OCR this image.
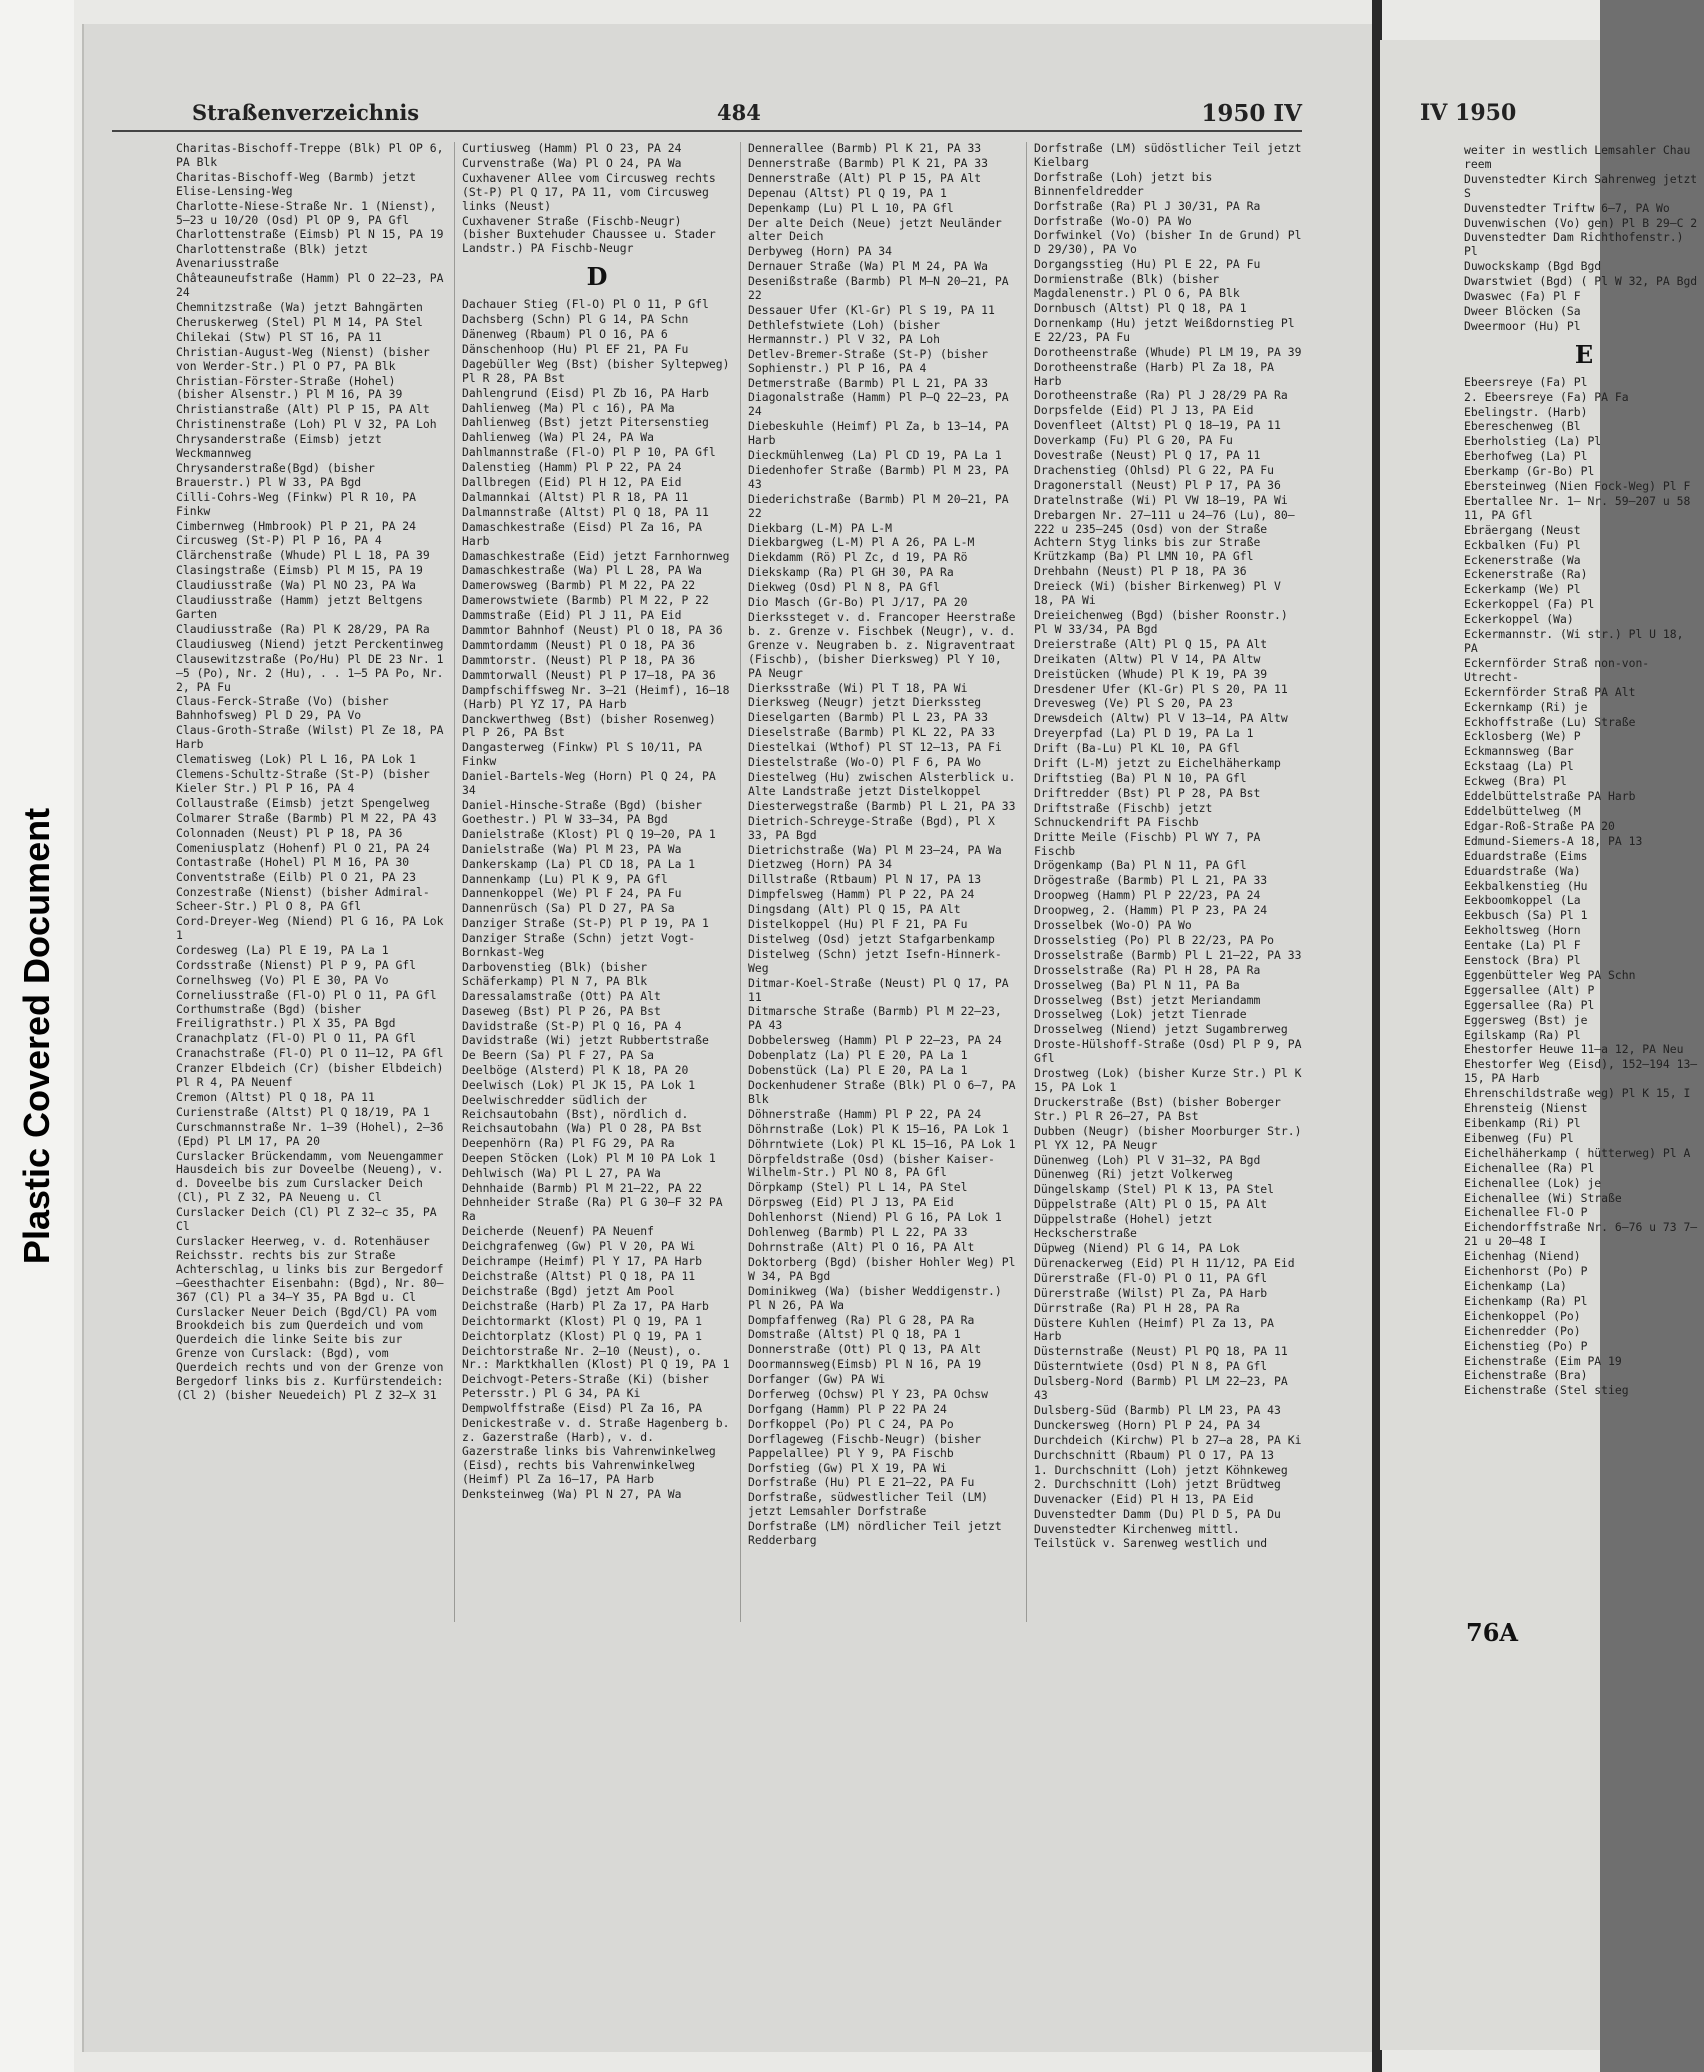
Plastic Covered Document
IV 1950
weiter in westlich Lemsahler Chau reem
Duvenstedter Kirch Sahrenweg jetzt S
Duvenstedter Triftw 6—7, PA Wo
Duvenwischen (Vo) gen) Pl B 29—C 2
Duvenstedter Dam Richthofenstr.) Pl
Duwockskamp (Bgd Bgd
Dwarstwiet (Bgd) ( Pl W 32, PA Bgd
Dwaswec (Fa) Pl F
Dweer Blöcken (Sa
Dweermoor (Hu) Pl
E
Ebeersreye (Fa) Pl
2. Ebeersreye (Fa) PA Fa
Ebelingstr. (Harb)
Ebereschenweg (Bl
Eberholstieg (La) Pl
Eberhofweg (La) Pl
Eberkamp (Gr-Bo) Pl
Ebersteinweg (Nien Fock-Weg) Pl F
Ebertallee Nr. 1— Nr. 59—207 u 58 11, PA Gfl
Ebräergang (Neust
Eckbalken (Fu) Pl
Eckenerstraße (Wa
Eckenerstraße (Ra)
Eckerkamp (We) Pl
Eckerkoppel (Fa) Pl
Eckerkoppel (Wa)
Eckermannstr. (Wi str.) Pl U 18, PA
Eckernförder Straß non-von-Utrecht-
Eckernförder Straß PA Alt
Eckernkamp (Ri) je
Eckhoffstraße (Lu) Straße
Ecklosberg (We) P
Eckmannsweg (Bar
Eckstaag (La) Pl
Eckweg (Bra) Pl
Eddelbüttelstraße PA Harb
Eddelbüttelweg (M
Edgar-Roß-Straße PA 20
Edmund-Siemers-A 18, PA 13
Eduardstraße (Eims
Eduardstraße (Wa)
Eekbalkenstieg (Hu
Eekboomkoppel (La
Eekbusch (Sa) Pl 1
Eekholtsweg (Horn
Eentake (La) Pl F
Eenstock (Bra) Pl
Eggenbütteler Weg PA Schn
Eggersallee (Alt) P
Eggersallee (Ra) Pl
Eggersweg (Bst) je
Egilskamp (Ra) Pl
Ehestorfer Heuwe 11—a 12, PA Neu
Ehestorfer Weg (Eisd), 152—194 13—15, PA Harb
Ehrenschildstraße weg) Pl K 15, I
Ehrensteig (Nienst
Eibenkamp (Ri) Pl
Eibenweg (Fu) Pl
Eichelhäherkamp ( hütterweg) Pl A
Eichenallee (Ra) Pl
Eichenallee (Lok) je
Eichenallee (Wi) Straße
Eichenallee Fl-O P
Eichendorffstraße Nr. 6—76 u 73 7—21 u 20—48 I
Eichenhag (Niend)
Eichenhorst (Po) P
Eichenkamp (La)
Eichenkamp (Ra) Pl
Eichenkoppel (Po)
Eichenredder (Po)
Eichenstieg (Po) P
Eichenstraße (Eim PA 19
Eichenstraße (Bra)
Eichenstraße (Stel stieg
76A
Straßenverzeichnis	484	1950 IV
Charitas-Bischoff-Treppe (Blk) Pl OP 6, PA Blk
Charitas-Bischoff-Weg (Barmb) jetzt Elise-Lensing-Weg
Charlotte-Niese-Straße Nr. 1 (Nienst), 5—23 u 10/20 (Osd) Pl OP 9, PA Gfl
Charlottenstraße (Eimsb) Pl N 15, PA 19
Charlottenstraße (Blk) jetzt Avenariusstraße
Châteauneufstraße (Hamm) Pl O 22—23, PA 24
Chemnitzstraße (Wa) jetzt Bahngärten
Cheruskerweg (Stel) Pl M 14, PA Stel
Chilekai (Stw) Pl ST 16, PA 11
Christian-August-Weg (Nienst) (bisher von Werder-Str.) Pl O P7, PA Blk
Christian-Förster-Straße (Hohel) (bisher Alsenstr.) Pl M 16, PA 39
Christianstraße (Alt) Pl P 15, PA Alt
Christinenstraße (Loh) Pl V 32, PA Loh
Chrysanderstraße (Eimsb) jetzt Weckmannweg
Chrysanderstraße(Bgd) (bisher Brauerstr.) Pl W 33, PA Bgd
Cilli-Cohrs-Weg (Finkw) Pl R 10, PA Finkw
Cimbernweg (Hmbrook) Pl P 21, PA 24
Circusweg (St-P) Pl P 16, PA 4
Clärchenstraße (Whude) Pl L 18, PA 39
Clasingstraße (Eimsb) Pl M 15, PA 19
Claudiusstraße (Wa) Pl NO 23, PA Wa
Claudiusstraße (Hamm) jetzt Beltgens Garten
Claudiusstraße (Ra) Pl K 28/29, PA Ra
Claudiusweg (Niend) jetzt Perckentinweg
Clausewitzstraße (Po/Hu) Pl DE 23 Nr. 1—5 (Po), Nr. 2 (Hu), . . 1—5 PA Po, Nr. 2, PA Fu
Claus-Ferck-Straße (Vo) (bisher Bahnhofsweg) Pl D 29, PA Vo
Claus-Groth-Straße (Wilst) Pl Ze 18, PA Harb
Clematisweg (Lok) Pl L 16, PA Lok 1
Clemens-Schultz-Straße (St-P) (bisher Kieler Str.) Pl P 16, PA 4
Collaustraße (Eimsb) jetzt Spengelweg
Colmarer Straße (Barmb) Pl M 22, PA 43
Colonnaden (Neust) Pl P 18, PA 36
Comeniusplatz (Hohenf) Pl O 21, PA 24
Contastraße (Hohel) Pl M 16, PA 30
Conventstraße (Eilb) Pl O 21, PA 23
Conzestraße (Nienst) (bisher Admiral-Scheer-Str.) Pl O 8, PA Gfl
Cord-Dreyer-Weg (Niend) Pl G 16, PA Lok 1
Cordesweg (La) Pl E 19, PA La 1
Cordsstraße (Nienst) Pl P 9, PA Gfl
Cornelhsweg (Vo) Pl E 30, PA Vo
Corneliusstraße (Fl-O) Pl O 11, PA Gfl
Corthumstraße (Bgd) (bisher Freiligrathstr.) Pl X 35, PA Bgd
Cranachplatz (Fl-O) Pl O 11, PA Gfl
Cranachstraße (Fl-O) Pl O 11—12, PA Gfl
Cranzer Elbdeich (Cr) (bisher Elbdeich) Pl R 4, PA Neuenf
Cremon (Altst) Pl Q 18, PA 11
Curienstraße (Altst) Pl Q 18/19, PA 1
Curschmannstraße Nr. 1—39 (Hohel), 2—36 (Epd) Pl LM 17, PA 20
Curslacker Brückendamm, vom Neuengammer Hausdeich bis zur Doveelbe (Neueng), v. d. Doveelbe bis zum Curslacker Deich (Cl), Pl Z 32, PA Neueng u. Cl
Curslacker Deich (Cl) Pl Z 32—c 35, PA Cl
Curslacker Heerweg, v. d. Rotenhäuser Reichsstr. rechts bis zur Straße Achterschlag, u links bis zur Bergedorf—Geesthachter Eisenbahn: (Bgd), Nr. 80—367 (Cl) Pl a 34—Y 35, PA Bgd u. Cl
Curslacker Neuer Deich (Bgd/Cl) PA vom Brookdeich bis zum Querdeich und vom Querdeich die linke Seite bis zur Grenze von Curslack: (Bgd), vom Querdeich rechts und von der Grenze von Bergedorf links bis z. Kurfürstendeich: (Cl 2) (bisher Neuedeich) Pl Z 32—X 31
Curtiusweg (Hamm) Pl O 23, PA 24
Curvenstraße (Wa) Pl O 24, PA Wa
Cuxhavener Allee vom Circusweg rechts (St-P) Pl Q 17, PA 11, vom Circusweg links (Neust)
Cuxhavener Straße (Fischb-Neugr) (bisher Buxtehuder Chaussee u. Stader Landstr.) PA Fischb-Neugr
D
Dachauer Stieg (Fl-O) Pl O 11, P Gfl
Dachsberg (Schn) Pl G 14, PA Schn
Dänenweg (Rbaum) Pl O 16, PA 6
Dänschenhoop (Hu) Pl EF 21, PA Fu
Dagebüller Weg (Bst) (bisher Syltерweg) Pl R 28, PA Bst
Dahlengrund (Eisd) Pl Zb 16, PA Harb
Dahlienweg (Ma) Pl c 16), PA Ma
Dahlienweg (Bst) jetzt Pitersenstieg
Dahlienweg (Wa) Pl 24, PA Wa
Dahlmannstraße (Fl-O) Pl P 10, PA Gfl
Dalenstieg (Hamm) Pl P 22, PA 24
Dallbregen (Eid) Pl H 12, PA Eid
Dalmannkai (Altst) Pl R 18, PA 11
Dalmannstraße (Altst) Pl Q 18, PA 11
Damaschkestraße (Eisd) Pl Za 16, PA Harb
Damaschkestraße (Eid) jetzt Farnhornweg
Damaschkestraße (Wa) Pl L 28, PA Wa
Damerowsweg (Barmb) Pl M 22, PA 22
Damerowstwiete (Barmb) Pl M 22, P 22
Dammstraße (Eid) Pl J 11, PA Eid
Dammtor Bahnhof (Neust) Pl O 18, PA 36
Dammtordamm (Neust) Pl O 18, PA 36
Dammtorstr. (Neust) Pl P 18, PA 36
Dammtorwall (Neust) Pl P 17—18, PA 36
Dampfschiffsweg Nr. 3—21 (Heimf), 16—18 (Harb) Pl YZ 17, PA Harb
Danckwerthweg (Bst) (bisher Rosenweg) Pl P 26, PA Bst
Dangasterweg (Finkw) Pl S 10/11, PA Finkw
Daniel-Bartels-Weg (Horn) Pl Q 24, PA 34
Daniel-Hinsche-Straße (Bgd) (bisher Goethestr.) Pl W 33—34, PA Bgd
Danielstraße (Klost) Pl Q 19—20, PA 1
Danielstraße (Wa) Pl M 23, PA Wa
Dankerskamp (La) Pl CD 18, PA La 1
Dannenkamp (Lu) Pl K 9, PA Gfl
Dannenkoppel (We) Pl F 24, PA Fu
Dannenrüsch (Sa) Pl D 27, PA Sa
Danziger Straße (St-P) Pl P 19, PA 1
Danziger Straße (Schn) jetzt Vogt-Bornkast-Weg
Darbovenstieg (Blk) (bisher Schäferkamp) Pl N 7, PA Blk
Daressalamstraße (Ott) PA Alt
Daseweg (Bst) Pl P 26, PA Bst
Davidstraße (St-P) Pl Q 16, PA 4
Davidstraße (Wi) jetzt Rubbertstraße
De Beern (Sa) Pl F 27, PA Sa
Deelböge (Alsterd) Pl K 18, PA 20
Deelwisch (Lok) Pl JK 15, PA Lok 1
Deelwischredder südlich der Reichsautobahn (Bst), nördlich d. Reichsautobahn (Wa) Pl O 28, PA Bst
Deepenhörn (Ra) Pl FG 29, PA Ra
Deepen Stöcken (Lok) Pl M 10 PA Lok 1
Dehlwisch (Wa) Pl L 27, PA Wa
Dehnhaide (Barmb) Pl M 21—22, PA 22
Dehnheider Straße (Ra) Pl G 30—F 32 PA Ra
Deicherde (Neuenf) PA Neuenf
Deichgrafenweg (Gw) Pl V 20, PA Wi
Deichrampe (Heimf) Pl Y 17, PA Harb
Deichstraße (Altst) Pl Q 18, PA 11
Deichstraße (Bgd) jetzt Am Pool
Deichstraße (Harb) Pl Za 17, PA Harb
Deichtormarkt (Klost) Pl Q 19, PA 1
Deichtorplatz (Klost) Pl Q 19, PA 1
Deichtorstraße Nr. 2—10 (Neust), o. Nr.: Marktkhallen (Klost) Pl Q 19, PA 1
Deichvogt-Peters-Straße (Ki) (bisher Petersstr.) Pl G 34, PA Ki
Dempwolffstraße (Eisd) Pl Za 16, PA
Denickestraße v. d. Straße Hagenberg b. z. Gazerstraße (Harb), v. d. Gazerstraße links bis Vahrenwinkelweg (Eisd), rechts bis Vahrenwinkelweg (Heimf) Pl Za 16—17, PA Harb
Denksteinweg (Wa) Pl N 27, PA Wa
Dennerallee (Barmb) Pl K 21, PA 33
Dennerstraße (Barmb) Pl K 21, PA 33
Dennerstraße (Alt) Pl P 15, PA Alt
Depenau (Altst) Pl Q 19, PA 1
Depenkamp (Lu) Pl L 10, PA Gfl
Der alte Deich (Neue) jetzt Neuländer alter Deich
Derbyweg (Horn) PA 34
Dernauer Straße (Wa) Pl M 24, PA Wa
Desenißstraße (Barmb) Pl M—N 20—21, PA 22
Dessauer Ufer (Kl-Gr) Pl S 19, PA 11
Dethlefstwiete (Loh) (bisher Hermannstr.) Pl V 32, PA Loh
Detlev-Bremer-Straße (St-P) (bisher Sophienstr.) Pl P 16, PA 4
Detmerstraße (Barmb) Pl L 21, PA 33
Diagonalstraße (Hamm) Pl P—Q 22—23, PA 24
Diebeskuhle (Heimf) Pl Za, b 13—14, PA Harb
Dieckmühlenweg (La) Pl CD 19, PA La 1
Diedenhofer Straße (Barmb) Pl M 23, PA 43
Diederichstraße (Barmb) Pl M 20—21, PA 22
Diekbarg (L-M) PA L-M
Diekbargweg (L-M) Pl A 26, PA L-M
Diekdamm (Rö) Pl Zc, d 19, PA Rö
Diekskamp (Ra) Pl GH 30, PA Ra
Diekweg (Osd) Pl N 8, PA Gfl
Dio Masch (Gr-Bo) Pl J/17, PA 20
Dierkssteget v. d. Francoper Heerstraße b. z. Grenze v. Fischbek (Neugr), v. d. Grenze v. Neugraben b. z. Nigraventraat (Fischb), (bisher Dierksweg) Pl Y 10, PA Neugr
Dierksstraße (Wi) Pl T 18, PA Wi
Dierksweg (Neugr) jetzt Dierkssteg
Dieselgarten (Barmb) Pl L 23, PA 33
Dieselstraße (Barmb) Pl KL 22, PA 33
Diestelkai (Wthof) Pl ST 12—13, PA Fi
Diestelstraße (Wo-O) Pl F 6, PA Wo
Diestelweg (Hu) zwischen Alsterblick u. Alte Landstraße jetzt Distelkoppel
Diesterwegstraße (Barmb) Pl L 21, PA 33
Dietrich-Schreyge-Straße (Bgd), Pl X 33, PA Bgd
Dietrichstraße (Wa) Pl M 23—24, PA Wa
Dietzweg (Horn) PA 34
Dillstraße (Rtbaum) Pl N 17, PA 13
Dimpfelsweg (Hamm) Pl P 22, PA 24
Dingsdang (Alt) Pl Q 15, PA Alt
Distelkoppel (Hu) Pl F 21, PA Fu
Distelweg (Osd) jetzt Stafgarbenkamp
Distelweg (Schn) jetzt Isefn-Hinnerk-Weg
Ditmar-Koel-Straße (Neust) Pl Q 17, PA 11
Ditmarsche Straße (Barmb) Pl M 22—23, PA 43
Dobbelersweg (Hamm) Pl P 22—23, PA 24
Dobenplatz (La) Pl E 20, PA La 1
Dobenstück (La) Pl E 20, PA La 1
Dockenhudener Straße (Blk) Pl O 6—7, PA Blk
Döhnerstraße (Hamm) Pl P 22, PA 24
Döhrnstraße (Lok) Pl K 15—16, PA Lok 1
Döhrntwiete (Lok) Pl KL 15—16, PA Lok 1
Dörpfeldstraße (Osd) (bisher Kaiser-Wilhelm-Str.) Pl NO 8, PA Gfl
Dörpkamp (Stel) Pl L 14, PA Stel
Dörpsweg (Eid) Pl J 13, PA Eid
Dohlenhorst (Niend) Pl G 16, PA Lok 1
Dohlenweg (Barmb) Pl L 22, PA 33
Dohrnstraße (Alt) Pl O 16, PA Alt
Doktorberg (Bgd) (bisher Hohler Weg) Pl W 34, PA Bgd
Dominikweg (Wa) (bisher Weddigenstr.) Pl N 26, PA Wa
Dompfaffenweg (Ra) Pl G 28, PA Ra
Domstraße (Altst) Pl Q 18, PA 1
Donnerstraße (Ott) Pl Q 13, PA Alt
Doormannsweg(Eimsb) Pl N 16, PA 19
Dorfanger (Gw) PA Wi
Dorferweg (Ochsw) Pl Y 23, PA Ochsw
Dorfgang (Hamm) Pl P 22 PA 24
Dorfkoppel (Po) Pl C 24, PA Po
Dorflageweg (Fischb-Neugr) (bisher Pappelallee) Pl Y 9, PA Fischb
Dorfstieg (Gw) Pl X 19, PA Wi
Dorfstraße (Hu) Pl E 21—22, PA Fu
Dorfstraße, südwestlicher Teil (LM) jetzt Lemsahler Dorfstraße
Dorfstraße (LM) nördlicher Teil jetzt Redderbarg
Dorfstraße (LM) südöstlicher Teil jetzt Kielbarg
Dorfstraße (Loh) jetzt bis Binnenfeldredder
Dorfstraße (Ra) Pl J 30/31, PA Ra
Dorfstraße (Wo-O) PA Wo
Dorfwinkel (Vo) (bisher In de Grund) Pl D 29/30), PA Vo
Dorgangsstieg (Hu) Pl E 22, PA Fu
Dormienstraße (Blk) (bisher Magdalenenstr.) Pl O 6, PA Blk
Dornbusch (Altst) Pl Q 18, PA 1
Dornenkamp (Hu) jetzt Weißdornstieg Pl E 22/23, PA Fu
Dorotheenstraße (Whude) Pl LM 19, PA 39
Dorotheenstraße (Harb) Pl Za 18, PA Harb
Dorotheenstraße (Ra) Pl J 28/29 PA Ra
Dorpsfelde (Eid) Pl J 13, PA Eid
Dovenfleet (Altst) Pl Q 18—19, PA 11
Doverkamp (Fu) Pl G 20, PA Fu
Dovestraße (Neust) Pl Q 17, PA 11
Drachenstieg (Ohlsd) Pl G 22, PA Fu
Dragonerstall (Neust) Pl P 17, PA 36
Dratelnstraße (Wi) Pl VW 18—19, PA Wi
Drebargen Nr. 27—111 u 24—76 (Lu), 80—222 u 235—245 (Osd) von der Straße Achtern Styg links bis zur Straße Krützkamp (Ba) Pl LMN 10, PA Gfl
Drehbahn (Neust) Pl P 18, PA 36
Dreieck (Wi) (bisher Birkenweg) Pl V 18, PA Wi
Dreieichenweg (Bgd) (bisher Roonstr.) Pl W 33/34, PA Bgd
Dreierstraße (Alt) Pl Q 15, PA Alt
Dreikaten (Altw) Pl V 14, PA Altw
Dreistücken (Whude) Pl K 19, PA 39
Dresdener Ufer (Kl-Gr) Pl S 20, PA 11
Drevesweg (Ve) Pl S 20, PA 23
Drewsdeich (Altw) Pl V 13—14, PA Altw
Dreyerpfad (La) Pl D 19, PA La 1
Drift (Ba-Lu) Pl KL 10, PA Gfl
Drift (L-M) jetzt zu Eichelhäherkamp
Driftstieg (Ba) Pl N 10, PA Gfl
Driftredder (Bst) Pl P 28, PA Bst
Driftstraße (Fischb) jetzt Schnuckendrift PA Fischb
Dritte Meile (Fischb) Pl WY 7, PA Fischb
Drögenkamp (Ba) Pl N 11, PA Gfl
Drögestraße (Barmb) Pl L 21, PA 33
Droopweg (Hamm) Pl P 22/23, PA 24
Droopweg, 2. (Hamm) Pl P 23, PA 24
Drosselbek (Wo-O) PA Wo
Drosselstieg (Po) Pl B 22/23, PA Po
Drosselstraße (Barmb) Pl L 21—22, PA 33
Drosselstraße (Ra) Pl H 28, PA Ra
Drosselweg (Ba) Pl N 11, PA Ba
Drosselweg (Bst) jetzt Meriandamm
Drosselweg (Lok) jetzt Tienrade
Drosselweg (Niend) jetzt Sugambrerweg
Droste-Hülshoff-Straße (Osd) Pl P 9, PA Gfl
Drostweg (Lok) (bisher Kurze Str.) Pl K 15, PA Lok 1
Druckerstraße (Bst) (bisher Boberger Str.) Pl R 26—27, PA Bst
Dubben (Neugr) (bisher Moorburger Str.) Pl YX 12, PA Neugr
Dünenweg (Loh) Pl V 31—32, PA Bgd
Dünenweg (Ri) jetzt Volkerweg
Düngelskamp (Stel) Pl K 13, PA Stel
Düppelstraße (Alt) Pl O 15, PA Alt
Düppelstraße (Hohel) jetzt Heckscherstraße
Düpweg (Niend) Pl G 14, PA Lok
Dürenackerweg (Eid) Pl H 11/12, PA Eid
Dürerstraße (Fl-O) Pl O 11, PA Gfl
Dürerstraße (Wilst) Pl Za, PA Harb
Dürrstraße (Ra) Pl H 28, PA Ra
Düstere Kuhlen (Heimf) Pl Za 13, PA Harb
Düsternstraße (Neust) Pl PQ 18, PA 11
Düsterntwiete (Osd) Pl N 8, PA Gfl
Dulsberg-Nord (Barmb) Pl LM 22—23, PA 43
Dulsberg-Süd (Barmb) Pl LM 23, PA 43
Dunckersweg (Horn) Pl P 24, PA 34
Durchdeich (Kirchw) Pl b 27—a 28, PA Ki
Durchschnitt (Rbaum) Pl O 17, PA 13
1. Durchschnitt (Loh) jetzt Köhnkeweg
2. Durchschnitt (Loh) jetzt Brüdtweg
Duvenacker (Eid) Pl H 13, PA Eid
Duvenstedter Damm (Du) Pl D 5, PA Du
Duvenstedter Kirchenweg mittl. Teilstück v. Sarenweg westlich und
